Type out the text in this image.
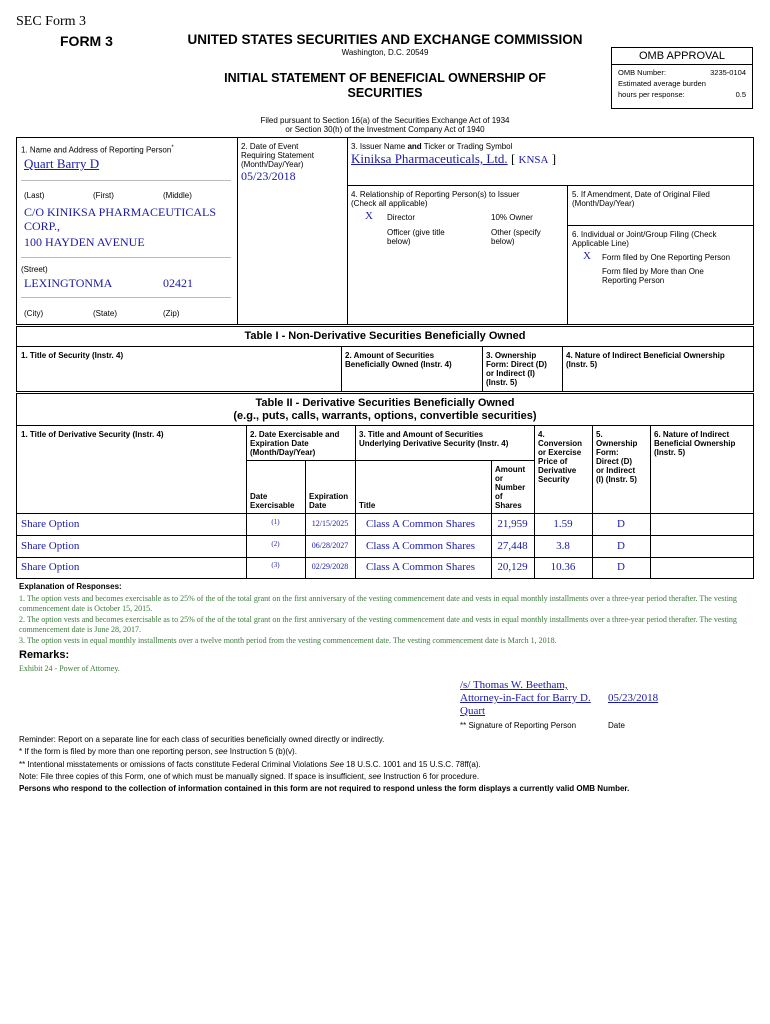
SEC Form 3
FORM 3	UNITED STATES SECURITIES AND EXCHANGE COMMISSION
Washington, D.C. 20549
INITIAL STATEMENT OF BENEFICIAL OWNERSHIP OF
SECURITIES
OMB APPROVAL
OMB Number:	3235-0104
Estimated average burden
hours per response:	0.5
Filed pursuant to Section 16(a) of the Securities Exchange Act of 1934
or Section 30(h) of the Investment Company Act of 1940
1. Name and Address of Reporting Person*
Quart Barry D
(Last)	(First)	(Middle)
C/O KINIKSA PHARMACEUTICALS
CORP.,
100 HAYDEN AVENUE
(Street)
LEXINGTON MA	02421
(City)	(State)	(Zip)
2. Date of Event
Requiring Statement
(Month/Day/Year)
05/23/2018
3. Issuer Name and Ticker or Trading Symbol
Kiniksa Pharmaceuticals, Ltd. [ KNSA ]
4. Relationship of Reporting Person(s) to Issuer
(Check all applicable)
X Director	10% Owner
Officer (give title
below)
Other (specify
below)
5. If Amendment, Date of Original Filed
(Month/Day/Year)
6. Individual or Joint/Group Filing (Check
Applicable Line)
X Form filed by One Reporting Person
Form filed by More than One
Reporting Person
Table I - Non-Derivative Securities Beneficially Owned
1. Title of Security (Instr. 4)	2. Amount of Securities
Beneficially Owned (Instr. 4)
3. Ownership
Form: Direct (D)
or Indirect (I)
(Instr. 5)
4. Nature of Indirect Beneficial Ownership
(Instr. 5)
Table II - Derivative Securities Beneficially Owned
(e.g., puts, calls, warrants, options, convertible securities)
1. Title of Derivative Security (Instr. 4)	2. Date Exercisable and
Expiration Date
(Month/Day/Year)
3. Title and Amount of Securities
Underlying Derivative Security (Instr. 4)
4.
Conversion
or Exercise
Price of
Derivative
Security
5.
Ownership
Form:
Direct (D)
or Indirect
(I) (Instr. 5)
6. Nature of Indirect
Beneficial Ownership
(Instr. 5)
Date
Exercisable
Expiration
Date	Title
Amount
or
Number
of
Shares
Share Option	(1)	12/15/2025	Class A Common Shares	21,959	1.59	D
Share Option	(2)	06/28/2027	Class A Common Shares	27,448	3.8	D
Share Option	(3)	02/29/2028	Class A Common Shares	20,129	10.36	D
Explanation of Responses:
1. The option vests and becomes exercisable as to 25% of the of the total grant on the first anniversary of the vesting commencement date and vests in equal monthly installments over a three-year period therafter. The vesting commencement date is October 15, 2015.
2. The option vests and becomes exercisable as to 25% of the of the total grant on the first anniversary of the vesting commencement date and vests in equal monthly installments over a three-year period therafter. The vesting commencement date is June 28, 2017.
3. The option vests in equal monthly installments over a twelve month period from the vesting commencement date. The vesting commencement date is March 1, 2018.
Remarks:
Exhibit 24 - Power of Attorney.
/s/ Thomas W. Beetham,
Attorney-in-Fact for Barry D.
Quart
05/23/2018
** Signature of Reporting Person	Date
Reminder: Report on a separate line for each class of securities beneficially owned directly or indirectly.
* If the form is filed by more than one reporting person, see Instruction 5 (b)(v).
** Intentional misstatements or omissions of facts constitute Federal Criminal Violations See 18 U.S.C. 1001 and 15 U.S.C. 78ff(a).
Note: File three copies of this Form, one of which must be manually signed. If space is insufficient, see Instruction 6 for procedure.
Persons who respond to the collection of information contained in this form are not required to respond unless the form displays a currently valid OMB Number.
